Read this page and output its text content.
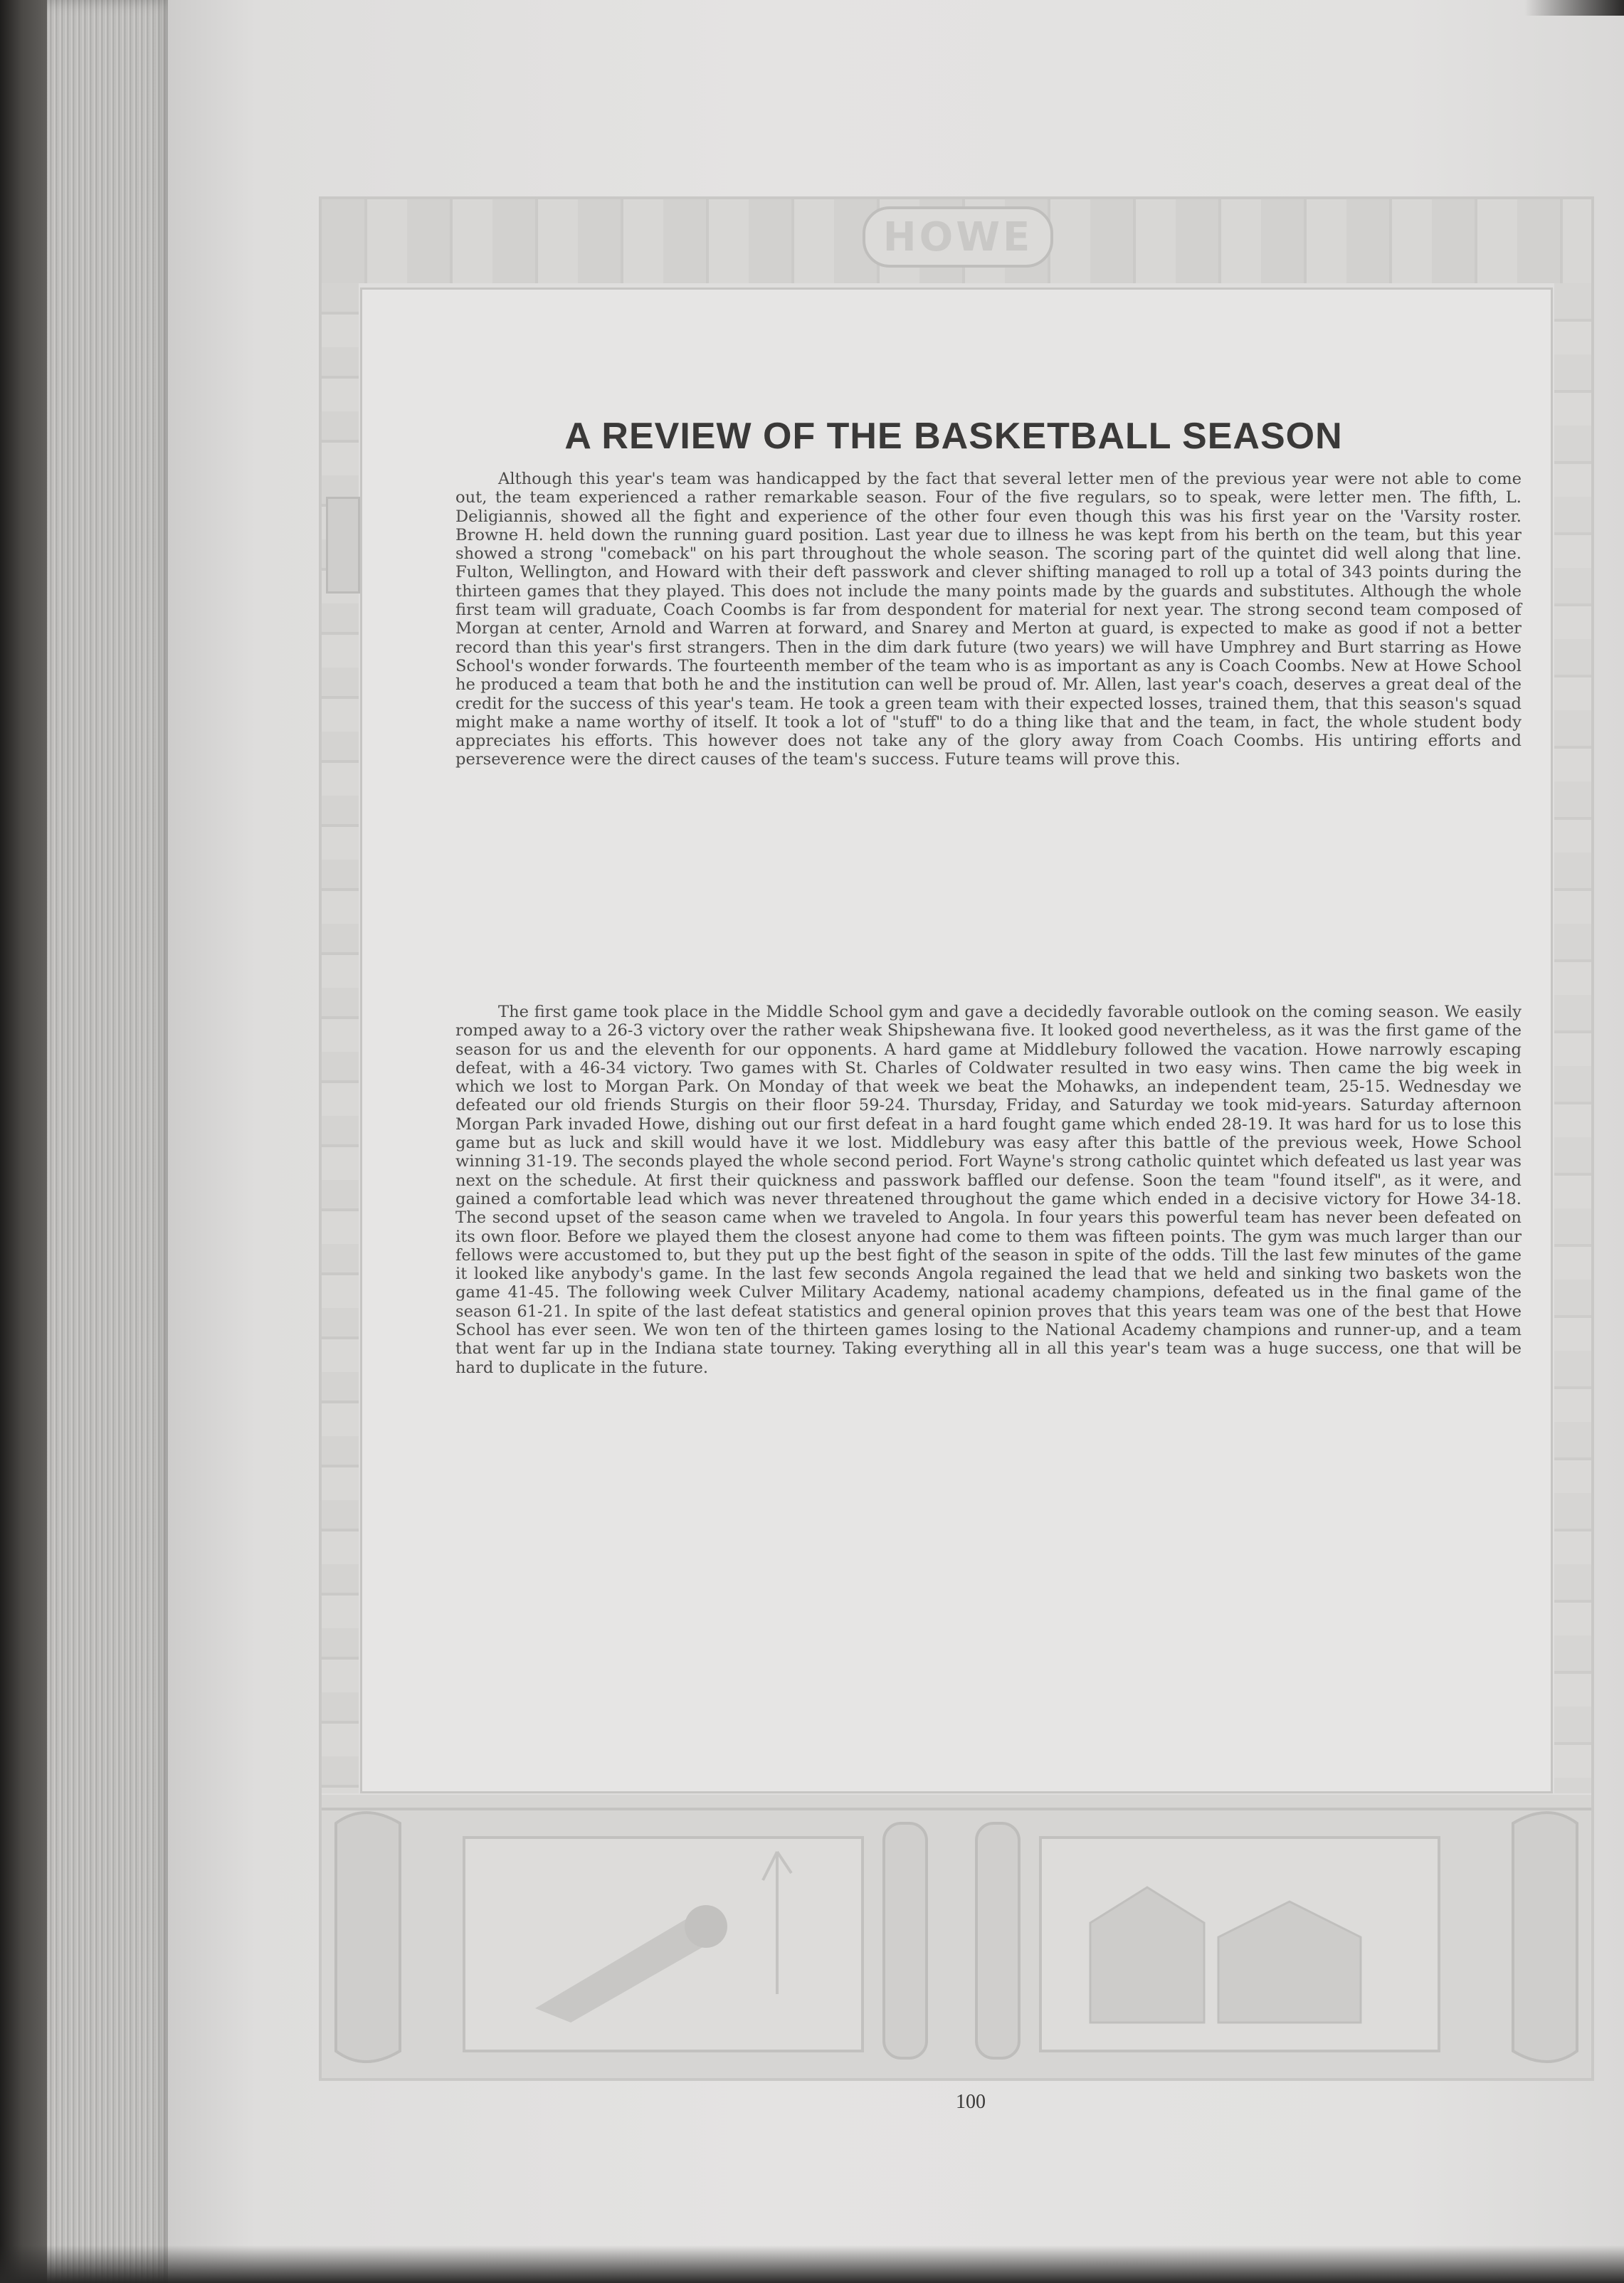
HOWE
A REVIEW OF THE BASKETBALL SEASON

Although this year's team was handicapped by the fact that several letter men of the previous year were not able to come out, the team experienced a rather remarkable season. Four of the five regulars, so to speak, were letter men. The fifth, L. Deligiannis, showed all the fight and experience of the other four even though this was his first year on the 'Varsity roster. Browne H. held down the running guard position. Last year due to illness he was kept from his berth on the team, but this year showed a strong "comeback" on his part throughout the whole season. The scoring part of the quintet did well along that line. Fulton, Wellington, and Howard with their deft passwork and clever shifting managed to roll up a total of 343 points during the thirteen games that they played. This does not include the many points made by the guards and substitutes. Although the whole first team will graduate, Coach Coombs is far from despondent for material for next year. The strong second team composed of Morgan at center, Arnold and Warren at forward, and Snarey and Merton at guard, is expected to make as good if not a better record than this year's first strangers. Then in the dim dark future (two years) we will have Umphrey and Burt starring as Howe School's wonder forwards. The fourteenth member of the team who is as important as any is Coach Coombs. New at Howe School he produced a team that both he and the institution can well be proud of. Mr. Allen, last year's coach, deserves a great deal of the credit for the success of this year's team. He took a green team with their expected losses, trained them, that this season's squad might make a name worthy of itself. It took a lot of "stuff" to do a thing like that and the team, in fact, the whole student body appreciates his efforts. This however does not take any of the glory away from Coach Coombs. His untiring efforts and perseverence were the direct causes of the team's success. Future teams will prove this.

The first game took place in the Middle School gym and gave a decidedly favorable outlook on the coming season. We easily romped away to a 26-3 victory over the rather weak Shipshewana five. It looked good nevertheless, as it was the first game of the season for us and the eleventh for our opponents. A hard game at Middlebury followed the vacation. Howe narrowly escaping defeat, with a 46-34 victory. Two games with St. Charles of Coldwater resulted in two easy wins. Then came the big week in which we lost to Morgan Park. On Monday of that week we beat the Mohawks, an independent team, 25-15. Wednesday we defeated our old friends Sturgis on their floor 59-24. Thursday, Friday, and Saturday we took mid-years. Saturday afternoon Morgan Park invaded Howe, dishing out our first defeat in a hard fought game which ended 28-19. It was hard for us to lose this game but as luck and skill would have it we lost. Middlebury was easy after this battle of the previous week, Howe School winning 31-19. The seconds played the whole second period. Fort Wayne's strong catholic quintet which defeated us last year was next on the schedule. At first their quickness and passwork baffled our defense. Soon the team "found itself", as it were, and gained a comfortable lead which was never threatened throughout the game which ended in a decisive victory for Howe 34-18. The second upset of the season came when we traveled to Angola. In four years this powerful team has never been defeated on its own floor. Before we played them the closest anyone had come to them was fifteen points. The gym was much larger than our fellows were accustomed to, but they put up the best fight of the season in spite of the odds. Till the last few minutes of the game it looked like anybody's game. In the last few seconds Angola regained the lead that we held and sinking two baskets won the game 41-45. The following week Culver Military Academy, national academy champions, defeated us in the final game of the season 61-21. In spite of the last defeat statistics and general opinion proves that this years team was one of the best that Howe School has ever seen. We won ten of the thirteen games losing to the National Academy champions and runner-up, and a team that went far up in the Indiana state tourney. Taking everything all in all this year's team was a huge success, one that will be hard to duplicate in the future.

100
